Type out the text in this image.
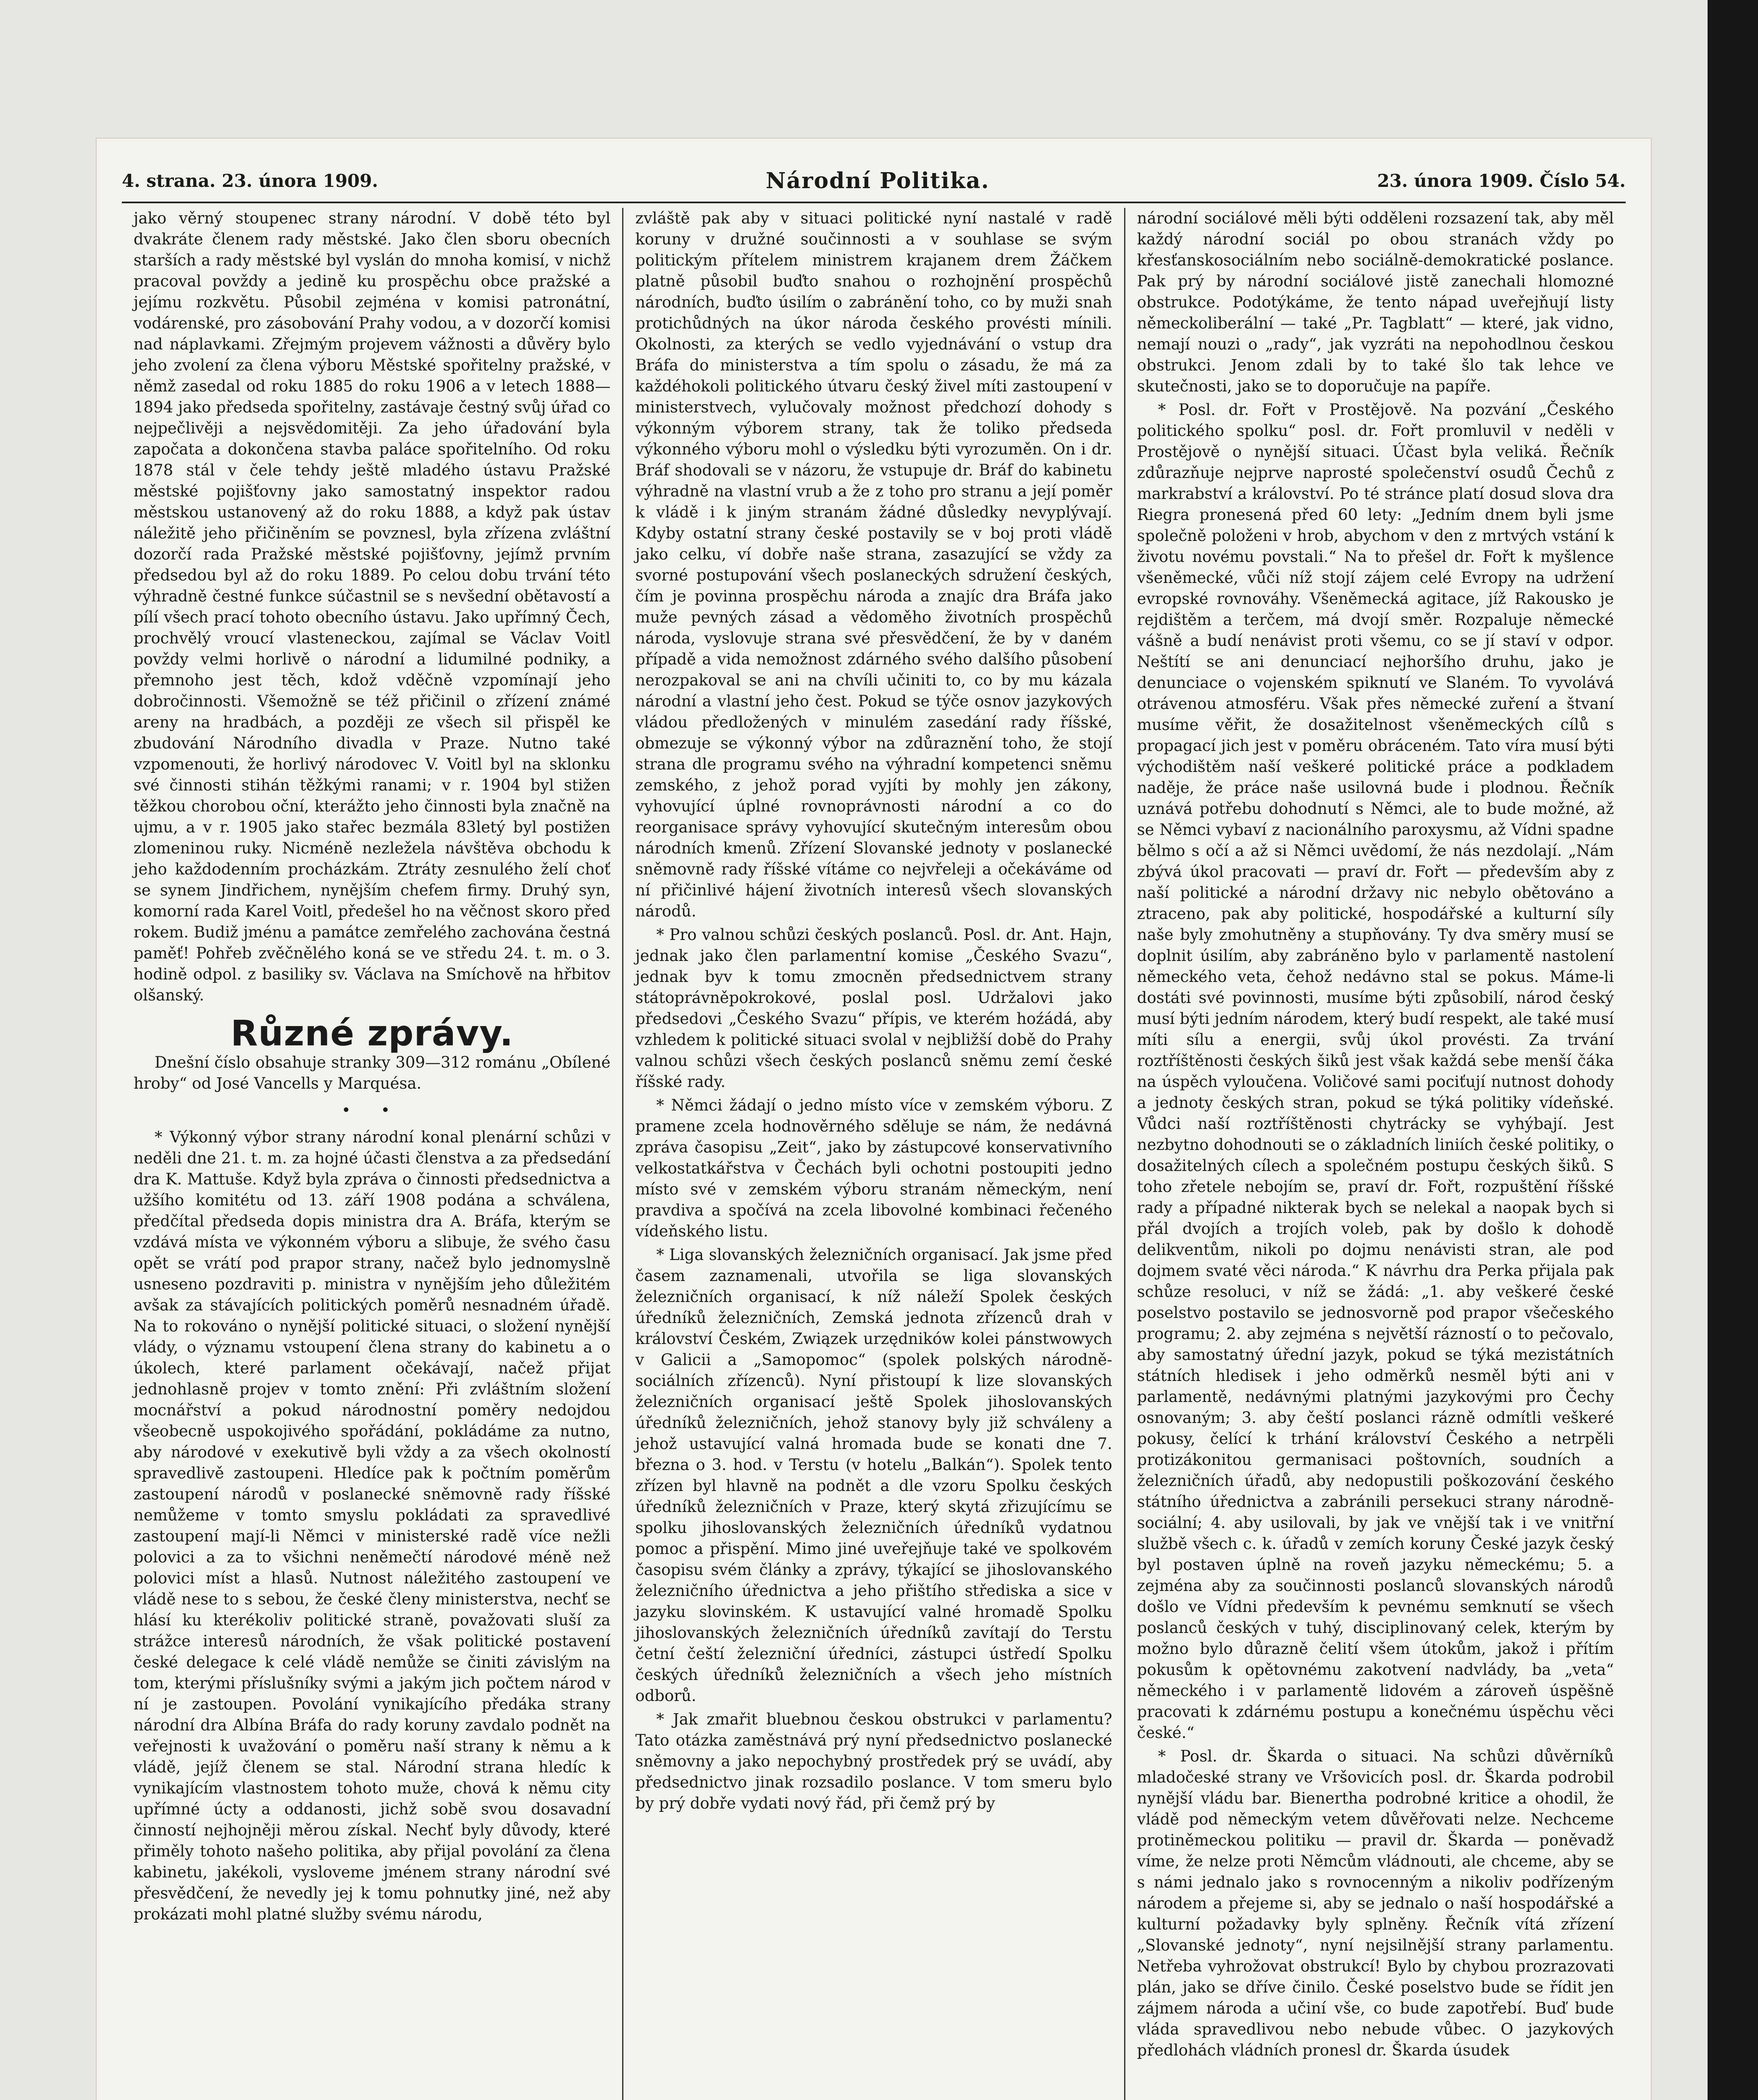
4. strana. 23. února 1909.	Národní Politika.	23. února 1909. Číslo 54.

jako věrný stoupenec strany národní. V době této byl dvakráte členem rady městské. Jako člen sboru obecních starších a rady městské byl vyslán do mnoha komisí, v nichž pracoval povždy a jedině ku prospěchu obce pražské a jejímu rozkvětu. Působil zejména v komisi patronátní, vodárenské, pro zásobování Prahy vodou, a v dozorčí komisi nad náplavkami. Zřejmým projevem vážnosti a důvěry bylo jeho zvolení za člena výboru Městské spořitelny pražské, v němž zasedal od roku 1885 do roku 1906 a v letech 1888—1894 jako předseda spořitelny, zastávaje čestný svůj úřad co nejpečlivěji a nejsvědomitěji. Za jeho úřadování byla započata a dokončena stavba paláce spořitelního. Od roku 1878 stál v čele tehdy ještě mladého ústavu Pražské městské pojišťovny jako samostatný inspektor radou městskou ustanovený až do roku 1888, a když pak ústav náležitě jeho přičiněním se povznesl, byla zřízena zvláštní dozorčí rada Pražské městské pojišťovny, jejímž prvním předsedou byl až do roku 1889. Po celou dobu trvání této výhradně čestné funkce súčastnil se s nevšední obětavostí a pílí všech prací tohoto obecního ústavu. Jako upřímný Čech, prochvělý vroucí vlasteneckou, zajímal se Václav Voitl povždy velmi horlivě o národní a lidumilné podniky, a přemnoho jest těch, kdož vděčně vzpomínají jeho dobročinnosti. Všemožně se též přičinil o zřízení známé areny na hradbách, a později ze všech sil přispěl ke zbudování Národního divadla v Praze. Nutno také vzpomenouti, že horlivý národovec V. Voitl byl na sklonku své činnosti stihán těžkými ranami; v r. 1904 byl stižen těžkou chorobou oční, kterážto jeho činnosti byla značně na ujmu, a v r. 1905 jako stařec bezmála 83letý byl postižen zlomeninou ruky. Nicméně nezležela návštěva obchodu k jeho každodenním procházkám. Ztráty zesnulého želí choť se synem Jindřichem, nynějším chefem firmy. Druhý syn, komorní rada Karel Voitl, předešel ho na věčnost skoro před rokem. Budiž jménu a památce zemřelého zachována čestná paměť! Pohřeb zvěčnělého koná se ve středu 24. t. m. o 3. hodině odpol. z basiliky sv. Václava na Smíchově na hřbitov olšanský.

Různé zprávy.

Dnešní číslo obsahuje stranky 309—312 románu „Obílené hroby“ od José Vancells y Marquésa.

• •

* Výkonný výbor strany národní konal plenární schůzi v neděli dne 21. t. m. za hojné účasti členstva a za předsedání dra K. Mattuše. Když byla zpráva o činnosti předsednictva a užšího komitétu od 13. září 1908 podána a schválena, předčítal předseda dopis ministra dra A. Bráfa, kterým se vzdává místa ve výkonném výboru a slibuje, že svého času opět se vrátí pod prapor strany, načež bylo jednomyslně usneseno pozdraviti p. ministra v nynějším jeho důležitém avšak za stávajících politických poměrů nesnadném úřadě. Na to rokováno o nynější politické situaci, o složení nynější vlády, o významu vstoupení člena strany do kabinetu a o úkolech, které parlament očekávají, načež přijat jednohlasně projev v tomto znění: Při zvláštním složení mocnářství a pokud národnostní poměry nedojdou všeobecně uspokojivého spořádání, pokládáme za nutno, aby národové v exekutivě byli vždy a za všech okolností spravedlivě zastoupeni. Hledíce pak k počtním poměrům zastoupení národů v poslanecké sněmovně rady říšské nemůžeme v tomto smyslu pokládati za spravedlivé zastoupení mají-li Němci v ministerské radě více nežli polovici a za to všichni neněmečtí národové méně než polovici míst a hlasů. Nutnost náležitého zastoupení ve vládě nese to s sebou, že české členy ministerstva, nechť se hlásí ku kterékoliv politické straně, považovati sluší za strážce interesů národních, že však politické postavení české delegace k celé vládě nemůže se činiti závislým na tom, kterými příslušníky svými a jakým jich počtem národ v ní je zastoupen. Povolání vynikajícího předáka strany národní dra Albína Bráfa do rady koruny zavdalo podnět na veřejnosti k uvažování o poměru naší strany k němu a k vládě, jejíž členem se stal. Národní strana hledíc k vynikajícím vlastnostem tohoto muže, chová k němu city upřímné úcty a oddanosti, jichž sobě svou dosavadní činností nejhojněji měrou získal. Nechť byly důvody, které přiměly tohoto našeho politika, aby přijal povolání za člena kabinetu, jakékoli, vysloveme jménem strany národní své přesvědčení, že nevedly jej k tomu pohnutky jiné, než aby prokázati mohl platné služby svému národu,

zvláště pak aby v situaci politické nyní nastalé v radě koruny v družné součinnosti a v souhlase se svým politickým přítelem ministrem krajanem drem Žáčkem platně působil buďto snahou o rozhojnění prospěchů národních, buďto úsilím o zabránění toho, co by muži snah protichůdných na úkor národa českého provésti mínili. Okolnosti, za kterých se vedlo vyjednávání o vstup dra Bráfa do ministerstva a tím spolu o zásadu, že má za každéhokoli politického útvaru český živel míti zastoupení v ministerstvech, vylučovaly možnost předchozí dohody s výkonným výborem strany, tak že toliko předseda výkonného výboru mohl o výsledku býti vyrozuměn. On i dr. Bráf shodovali se v názoru, že vstupuje dr. Bráf do kabinetu výhradně na vlastní vrub a že z toho pro stranu a její poměr k vládě i k jiným stranám žádné důsledky nevyplývají. Kdyby ostatní strany české postavily se v boj proti vládě jako celku, ví dobře naše strana, zasazující se vždy za svorné postupování všech poslaneckých sdružení českých, čím je povinna prospěchu národa a znajíc dra Bráfa jako muže pevných zásad a vědoměho životních prospěchů národa, vyslovuje strana své přesvědčení, že by v daném případě a vida nemožnost zdárného svého dalšího působení nerozpakoval se ani na chvíli učiniti to, co by mu kázala národní a vlastní jeho čest. Pokud se týče osnov jazykových vládou předložených v minulém zasedání rady říšské, obmezuje se výkonný výbor na zdůraznění toho, že stojí strana dle programu svého na výhradní kompetenci sněmu zemského, z jehož porad vyjíti by mohly jen zákony, vyhovující úplné rovnoprávnosti národní a co do reorganisace správy vyhovující skutečným interesům obou národních kmenů. Zřízení Slovanské jednoty v poslanecké sněmovně rady říšské vítáme co nejvřeleji a očekáváme od ní přičinlivé hájení životních interesů všech slovanských národů.

* Pro valnou schůzi českých poslanců. Posl. dr. Ant. Hajn, jednak jako člen parlamentní komise „Českého Svazu“, jednak byv k tomu zmocněn předsednictvem strany státoprávněpokrokové, poslal posl. Udržalovi jako předsedovi „Českého Svazu“ přípis, ve kterém hoźádá, aby vzhledem k politické situaci svolal v nejbližší době do Prahy valnou schůzi všech českých poslanců sněmu zemí české říšské rady.

* Němci žádají o jedno místo více v zemském výboru. Z pramene zcela hodnověrného sděluje se nám, že nedávná zpráva časopisu „Zeit“, jako by zástupcové konservativního velkostatkářstva v Čechách byli ochotni postoupiti jedno místo své v zemském výboru stranám německým, není pravdiva a spočívá na zcela libovolné kombinaci řečeného vídeňského listu.

* Liga slovanských železničních organisací. Jak jsme před časem zaznamenali, utvořila se liga slovanských železničních organisací, k níž náleží Spolek českých úředníků železničních, Zemská jednota zřízenců drah v království Českém, Związek urzędników kolei pánstwowych v Galicii a „Samopomoc“ (spolek polských národně-sociálních zřízenců). Nyní přistoupí k lize slovanských železničních organisací ještě Spolek jihoslovanských úředníků železničních, jehož stanovy byly již schváleny a jehož ustavující valná hromada bude se konati dne 7. března o 3. hod. v Terstu (v hotelu „Balkán“). Spolek tento zřízen byl hlavně na podnět a dle vzoru Spolku českých úředníků železničních v Praze, který skytá zřizujícímu se spolku jihoslovanských železničních úředníků vydatnou pomoc a přispění. Mimo jiné uveřejňuje také ve spolkovém časopisu svém články a zprávy, týkající se jihoslovanského železničního úřednictva a jeho přištího střediska a sice v jazyku slovinském. K ustavující valné hromadě Spolku jihoslovanských železničních úředníků zavítají do Terstu četní čeští železniční úředníci, zástupci ústředí Spolku českých úředníků železničních a všech jeho místních odborů.

* Jak zmařit bluebnou českou obstrukci v parlamentu? Tato otázka zaměstnává prý nyní předsednictvo poslanecké sněmovny a jako nepochybný prostředek prý se uvádí, aby předsednictvo jinak rozsadilo poslance. V tom smeru bylo by prý dobře vydati nový řád, při čemž prý by

národní sociálové měli býti odděleni rozsazení tak, aby měl každý národní sociál po obou stranách vždy po křesťanskosociálním nebo sociálně-demokratické poslance. Pak prý by národní sociálové jistě zanechali hlomozné obstrukce. Podotýkáme, že tento nápad uveřejňují listy německoliberální — také „Pr. Tagblatt“ — které, jak vidno, nemají nouzi o „rady“, jak vyzráti na nepohodlnou českou obstrukci. Jenom zdali by to také šlo tak lehce ve skutečnosti, jako se to doporučuje na papíře.

* Posl. dr. Fořt v Prostějově. Na pozvání „Českého politického spolku“ posl. dr. Fořt promluvil v neděli v Prostějově o nynější situaci. Účast byla veliká. Řečník zdůrazňuje nejprve naprosté společenství osudů Čechů z markrabství a království. Po té stránce platí dosud slova dra Riegra pronesená před 60 lety: „Jedním dnem byli jsme společně položeni v hrob, abychom v den z mrtvých vstání k životu novému povstali.“ Na to přešel dr. Fořt k myšlence všeněmecké, vůči níž stojí zájem celé Evropy na udržení evropské rovnováhy. Všeněmecká agitace, jíž Rakousko je rejdištěm a terčem, má dvojí směr. Rozpaluje německé vášně a budí nenávist proti všemu, co se jí staví v odpor. Neštítí se ani denunciací nejhoršího druhu, jako je denunciace o vojenském spiknutí ve Slaném. To vyvolává otrávenou atmosféru. Však přes německé zuření a štvaní musíme věřit, že dosažitelnost všeněmeckých cílů s propagací jich jest v poměru obráceném. Tato víra musí býti východištěm naší veškeré politické práce a podkladem naděje, že práce naše usilovná bude i plodnou. Řečník uznává potřebu dohodnutí s Němci, ale to bude možné, až se Němci vybaví z nacionálního paroxysmu, až Vídni spadne bělmo s očí a až si Němci uvědomí, že nás nezdolají. „Nám zbývá úkol pracovati — praví dr. Fořt — především aby z naší politické a národní državy nic nebylo obětováno a ztraceno, pak aby politické, hospodářské a kulturní síly naše byly zmohutněny a stupňovány. Ty dva směry musí se doplnit úsilím, aby zabráněno bylo v parlamentě nastolení německého veta, čehož nedávno stal se pokus. Máme-li dostáti své povinnosti, musíme býti způsobilí, národ český musí býti jedním národem, který budí respekt, ale také musí míti sílu a energii, svůj úkol provésti. Za trvání roztříštěnosti českých šiků jest však každá sebe menší čáka na úspěch vyloučena. Voličové sami pociťují nutnost dohody a jednoty českých stran, pokud se týká politiky vídeňské. Vůdci naší roztříštěnosti chytrácky se vyhýbají. Jest nezbytno dohodnouti se o základních liniích české politiky, o dosažitelných cílech a společném postupu českých šiků. S toho zřetele nebojím se, praví dr. Fořt, rozpuštění říšské rady a případné nikterak bych se nelekal a naopak bych si přál dvojích a trojích voleb, pak by došlo k dohodě delikventům, nikoli po dojmu nenávisti stran, ale pod dojmem svaté věci národa.“ K návrhu dra Perka přijala pak schůze resoluci, v níž se žádá: „1. aby veškeré české poselstvo postavilo se jednosvorně pod prapor všečeského programu; 2. aby zejména s největší rázností o to pečovalo, aby samostatný úřední jazyk, pokud se týká mezistátních státních hledisek i jeho odměrků nesměl býti ani v parlamentě, nedávnými platnými jazykovými pro Čechy osnovaným; 3. aby čeští poslanci rázně odmítli veškeré pokusy, čelící k trhání království Českého a netrpěli protizákonitou germanisaci poštovních, soudních a železničních úřadů, aby nedopustili poškozování českého státního úřednictva a zabránili persekuci strany národně-sociální; 4. aby usilovali, by jak ve vnější tak i ve vnitřní službě všech c. k. úřadů v zemích koruny České jazyk český byl postaven úplně na roveň jazyku německému; 5. a zejména aby za součinnosti poslanců slovanských národů došlo ve Vídni především k pevnému semknutí se všech poslanců českých v tuhý, disciplinovaný celek, kterým by možno bylo důrazně čelití všem útokům, jakož i přítím pokusům k opětovnému zakotvení nadvlády, ba „veta“ německého i v parlamentě lidovém a zároveň úspěšně pracovati k zdárnému postupu a konečnému úspěchu věci české.“

* Posl. dr. Škarda o situaci. Na schůzi důvěrníků mladočeské strany ve Vršovicích posl. dr. Škarda podrobil nynější vládu bar. Bienertha podrobné kritice a ohodil, že vládě pod německým vetem důvěřovati nelze. Nechceme protiněmeckou politiku — pravil dr. Škarda — poněvadž víme, že nelze proti Němcům vládnouti, ale chceme, aby se s námi jednalo jako s rovnocenným a nikoliv podřízeným národem a přejeme si, aby se jednalo o naší hospodářské a kulturní požadavky byly splněny. Řečník vítá zřízení „Slovanské jednoty“, nyní nejsilnější strany parlamentu. Netřeba vyhrožovat obstrukcí! Bylo by chybou prozrazovati plán, jako se dříve činilo. České poselstvo bude se řídit jen zájmem národa a učiní vše, co bude zapotřebí. Buď bude vláda spravedlivou nebo nebude vůbec. O jazykových předlohách vládních pronesl dr. Škarda úsudek
